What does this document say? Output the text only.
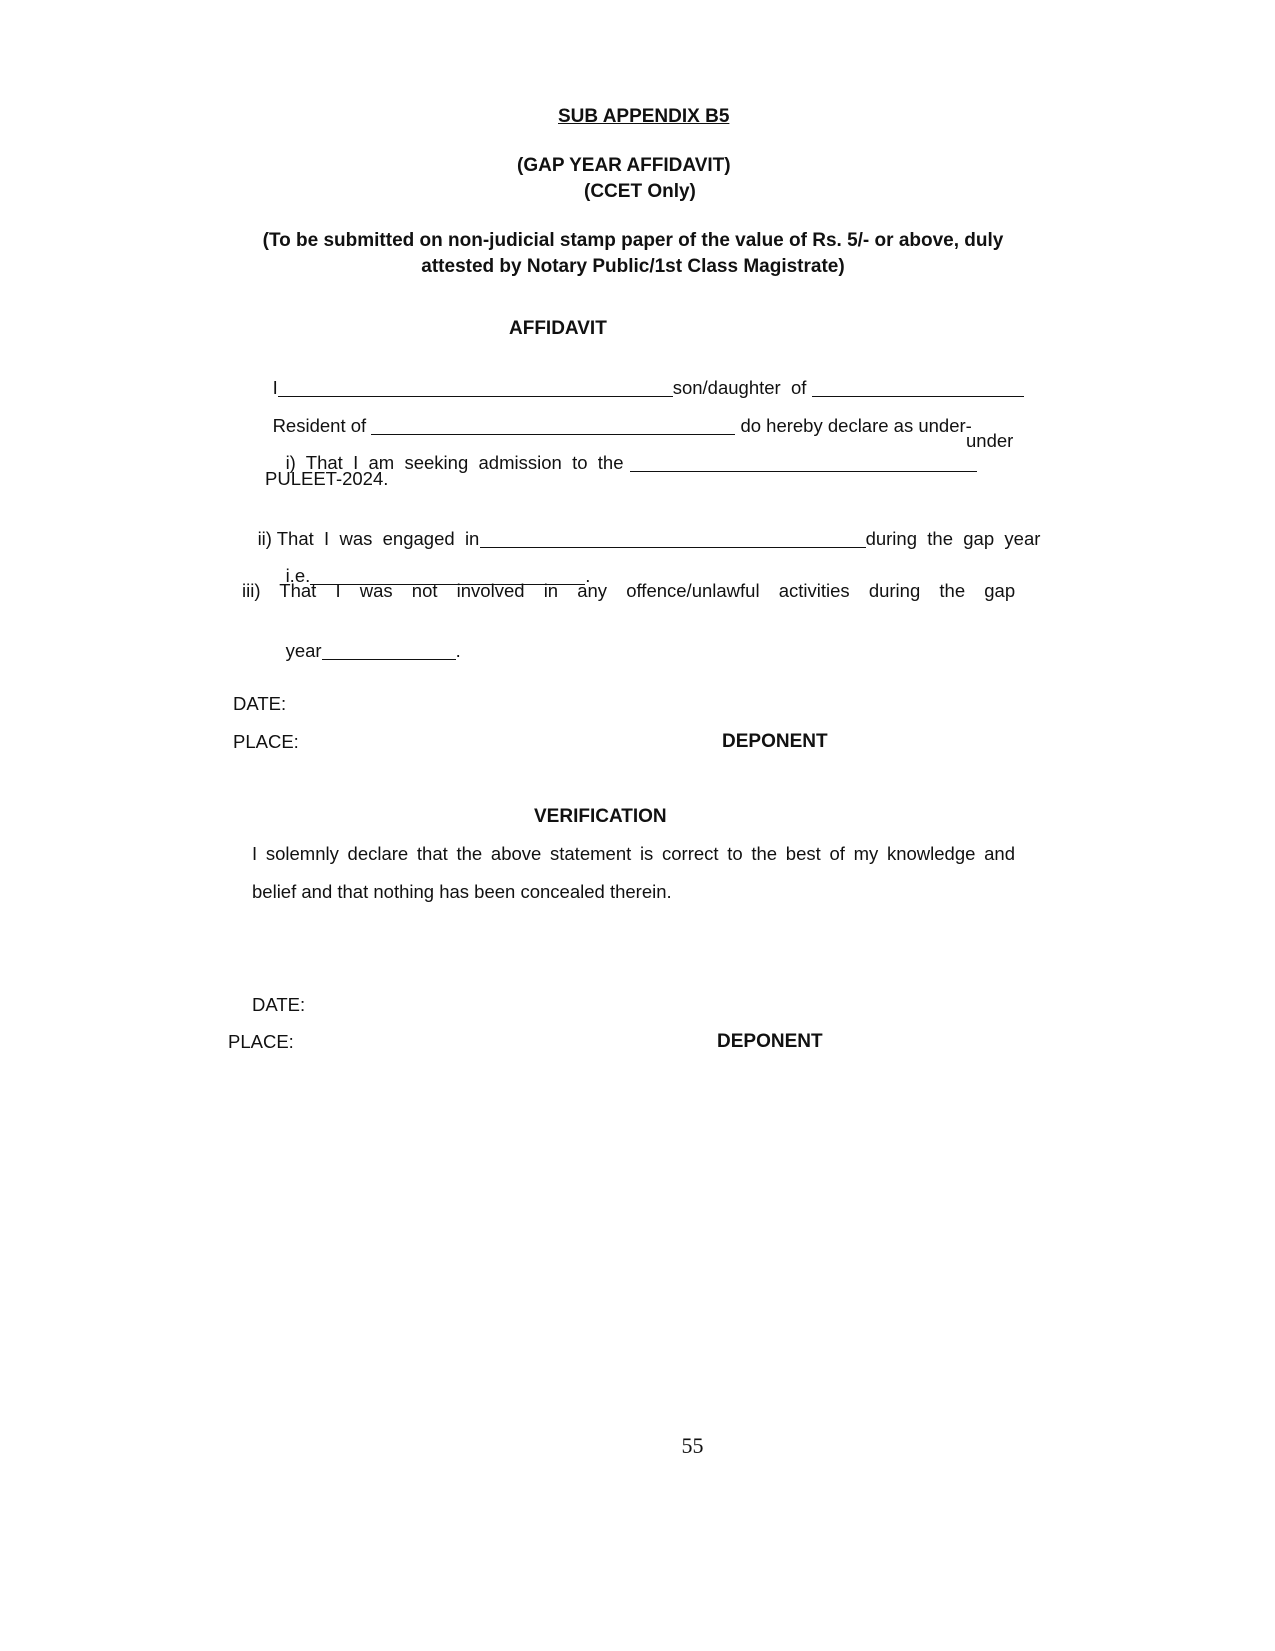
SUB APPENDIX B5
(GAP YEAR AFFIDAVIT)
(CCET Only)
(To be submitted on non-judicial stamp paper of the value of Rs. 5/- or above, duly
attested by Notary Public/1st Class Magistrate)
AFFIDAVIT

I	son/daughter  of

Resident of	do hereby declare as under-

i)  That  I  am  seeking  admission  to  the

under
PULEET-2024.

ii) That  I  was  engaged  in
	during  the  gap  year

i.e.	.

iii) That I was not involved in any offence/unlawful activities during the gap

year	.

DATE:
PLACE:	DEPONENT
VERIFICATION
I solemnly declare that the above statement is correct to the best of my knowledge and
belief and that nothing has been concealed therein.
DATE:
PLACE:	DEPONENT
55
